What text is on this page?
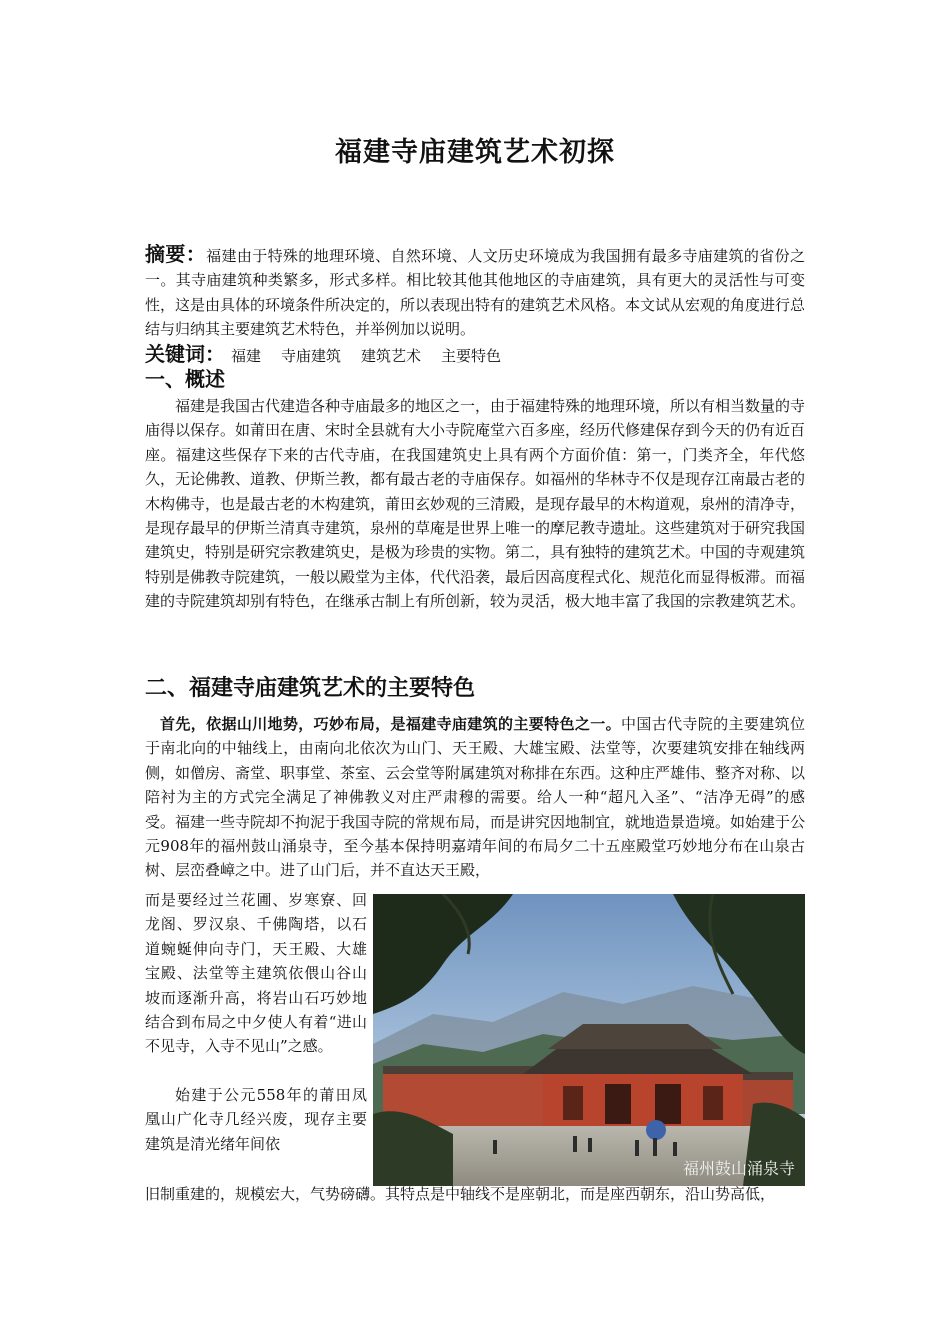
福建寺庙建筑艺术初探

摘要：福建由于特殊的地理环境、自然环境、人文历史环境成为我国拥有最多寺庙建筑的省份之一。其寺庙建筑种类繁多，形式多样。相比较其他其他地区的寺庙建筑，具有更大的灵活性与可变性，这是由具体的环境条件所决定的，所以表现出特有的建筑艺术风格。本文试从宏观的角度进行总结与归纳其主要建筑艺术特色，并举例加以说明。

关键词： 福建 寺庙建筑 建筑艺术 主要特色
一、概述

福建是我国古代建造各种寺庙最多的地区之一，由于福建特殊的地理环境，所以有相当数量的寺庙得以保存。如莆田在唐、宋时全县就有大小寺院庵堂六百多座，经历代修建保存到今天的仍有近百座。福建这些保存下来的古代寺庙，在我国建筑史上具有两个方面价值：第一，门类齐全，年代悠久，无论佛教、道教、伊斯兰教，都有最古老的寺庙保存。如福州的华林寺不仅是现存江南最古老的木构佛寺，也是最古老的木构建筑，莆田玄妙观的三清殿，是现存最早的木构道观，泉州的清净寺，是现存最早的伊斯兰清真寺建筑，泉州的草庵是世界上唯一的摩尼教寺遗址。这些建筑对于研究我国建筑史，特别是研究宗教建筑史，是极为珍贵的实物。第二，具有独特的建筑艺术。中国的寺观建筑特别是佛教寺院建筑，一般以殿堂为主体，代代沿袭，最后因高度程式化、规范化而显得板滞。而福建的寺院建筑却别有特色，在继承古制上有所创新，较为灵活，极大地丰富了我国的宗教建筑艺术。

二、福建寺庙建筑艺术的主要特色

首先，依据山川地势，巧妙布局，是福建寺庙建筑的主要特色之一。中国古代寺院的主要建筑位于南北向的中轴线上，由南向北依次为山门、天王殿、大雄宝殿、法堂等，次要建筑安排在轴线两侧，如僧房、斋堂、职事堂、茶室、云会堂等附属建筑对称排在东西。这种庄严雄伟、整齐对称、以陪衬为主的方式完全满足了神佛教义对庄严肃穆的需要。给人一种“超凡入圣”、“洁净无碍”的感受。福建一些寺院却不拘泥于我国寺院的常规布局，而是讲究因地制宜，就地造景造境。如始建于公元908年的福州鼓山涌泉寺，至今基本保持明嘉靖年间的布局夕二十五座殿堂巧妙地分布在山泉古树、层峦叠嶂之中。进了山门后，并不直达天王殿，

而是要经过兰花圃、岁寒寮、回龙阁、罗汉泉、千佛陶塔，以石道蜿蜒伸向寺门，天王殿、大雄宝殿、法堂等主建筑依偎山谷山坡而逐渐升高，将岩山石巧妙地结合到布局之中夕使人有着“进山不见寺，入寺不见山”之感。

始建于公元558年的莆田凤凰山广化寺几经兴废，现存主要建筑是清光绪年间依

福州鼓山涌泉寺

旧制重建的，规模宏大，气势磅礴。其特点是中轴线不是座朝北，而是座西朝东，沿山势高低，
